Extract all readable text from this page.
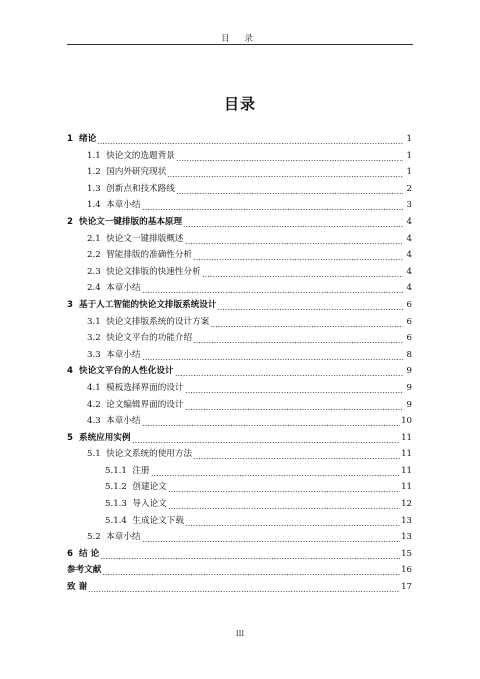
目 录
目录
1 绪论	1
1.1 快论文的选题背景	1
1.2 国内外研究现状	1
1.3 创新点和技术路线	2
1.4 本章小结	3
2 快论文一键排版的基本原理	4
2.1 快论文一键排版概述	4
2.2 智能排版的准确性分析	4
2.3 快论文排版的快速性分析	4
2.4 本章小结	4
3 基于人工智能的快论文排版系统设计	6
3.1 快论文排版系统的设计方案	6
3.2 快论文平台的功能介绍	6
3.3 本章小结	8
4 快论文平台的人性化设计	9
4.1 模板选择界面的设计	9
4.2 论文编辑界面的设计	9
4.3 本章小结	10
5 系统应用实例	11
5.1 快论文系统的使用方法	11
5.1.1 注册	11
5.1.2 创建论文	11
5.1.3 导入论文	12
5.1.4 生成论文下载	13
5.2 本章小结	13
6 结 论	15
参考文献	16
致 谢	17
III
